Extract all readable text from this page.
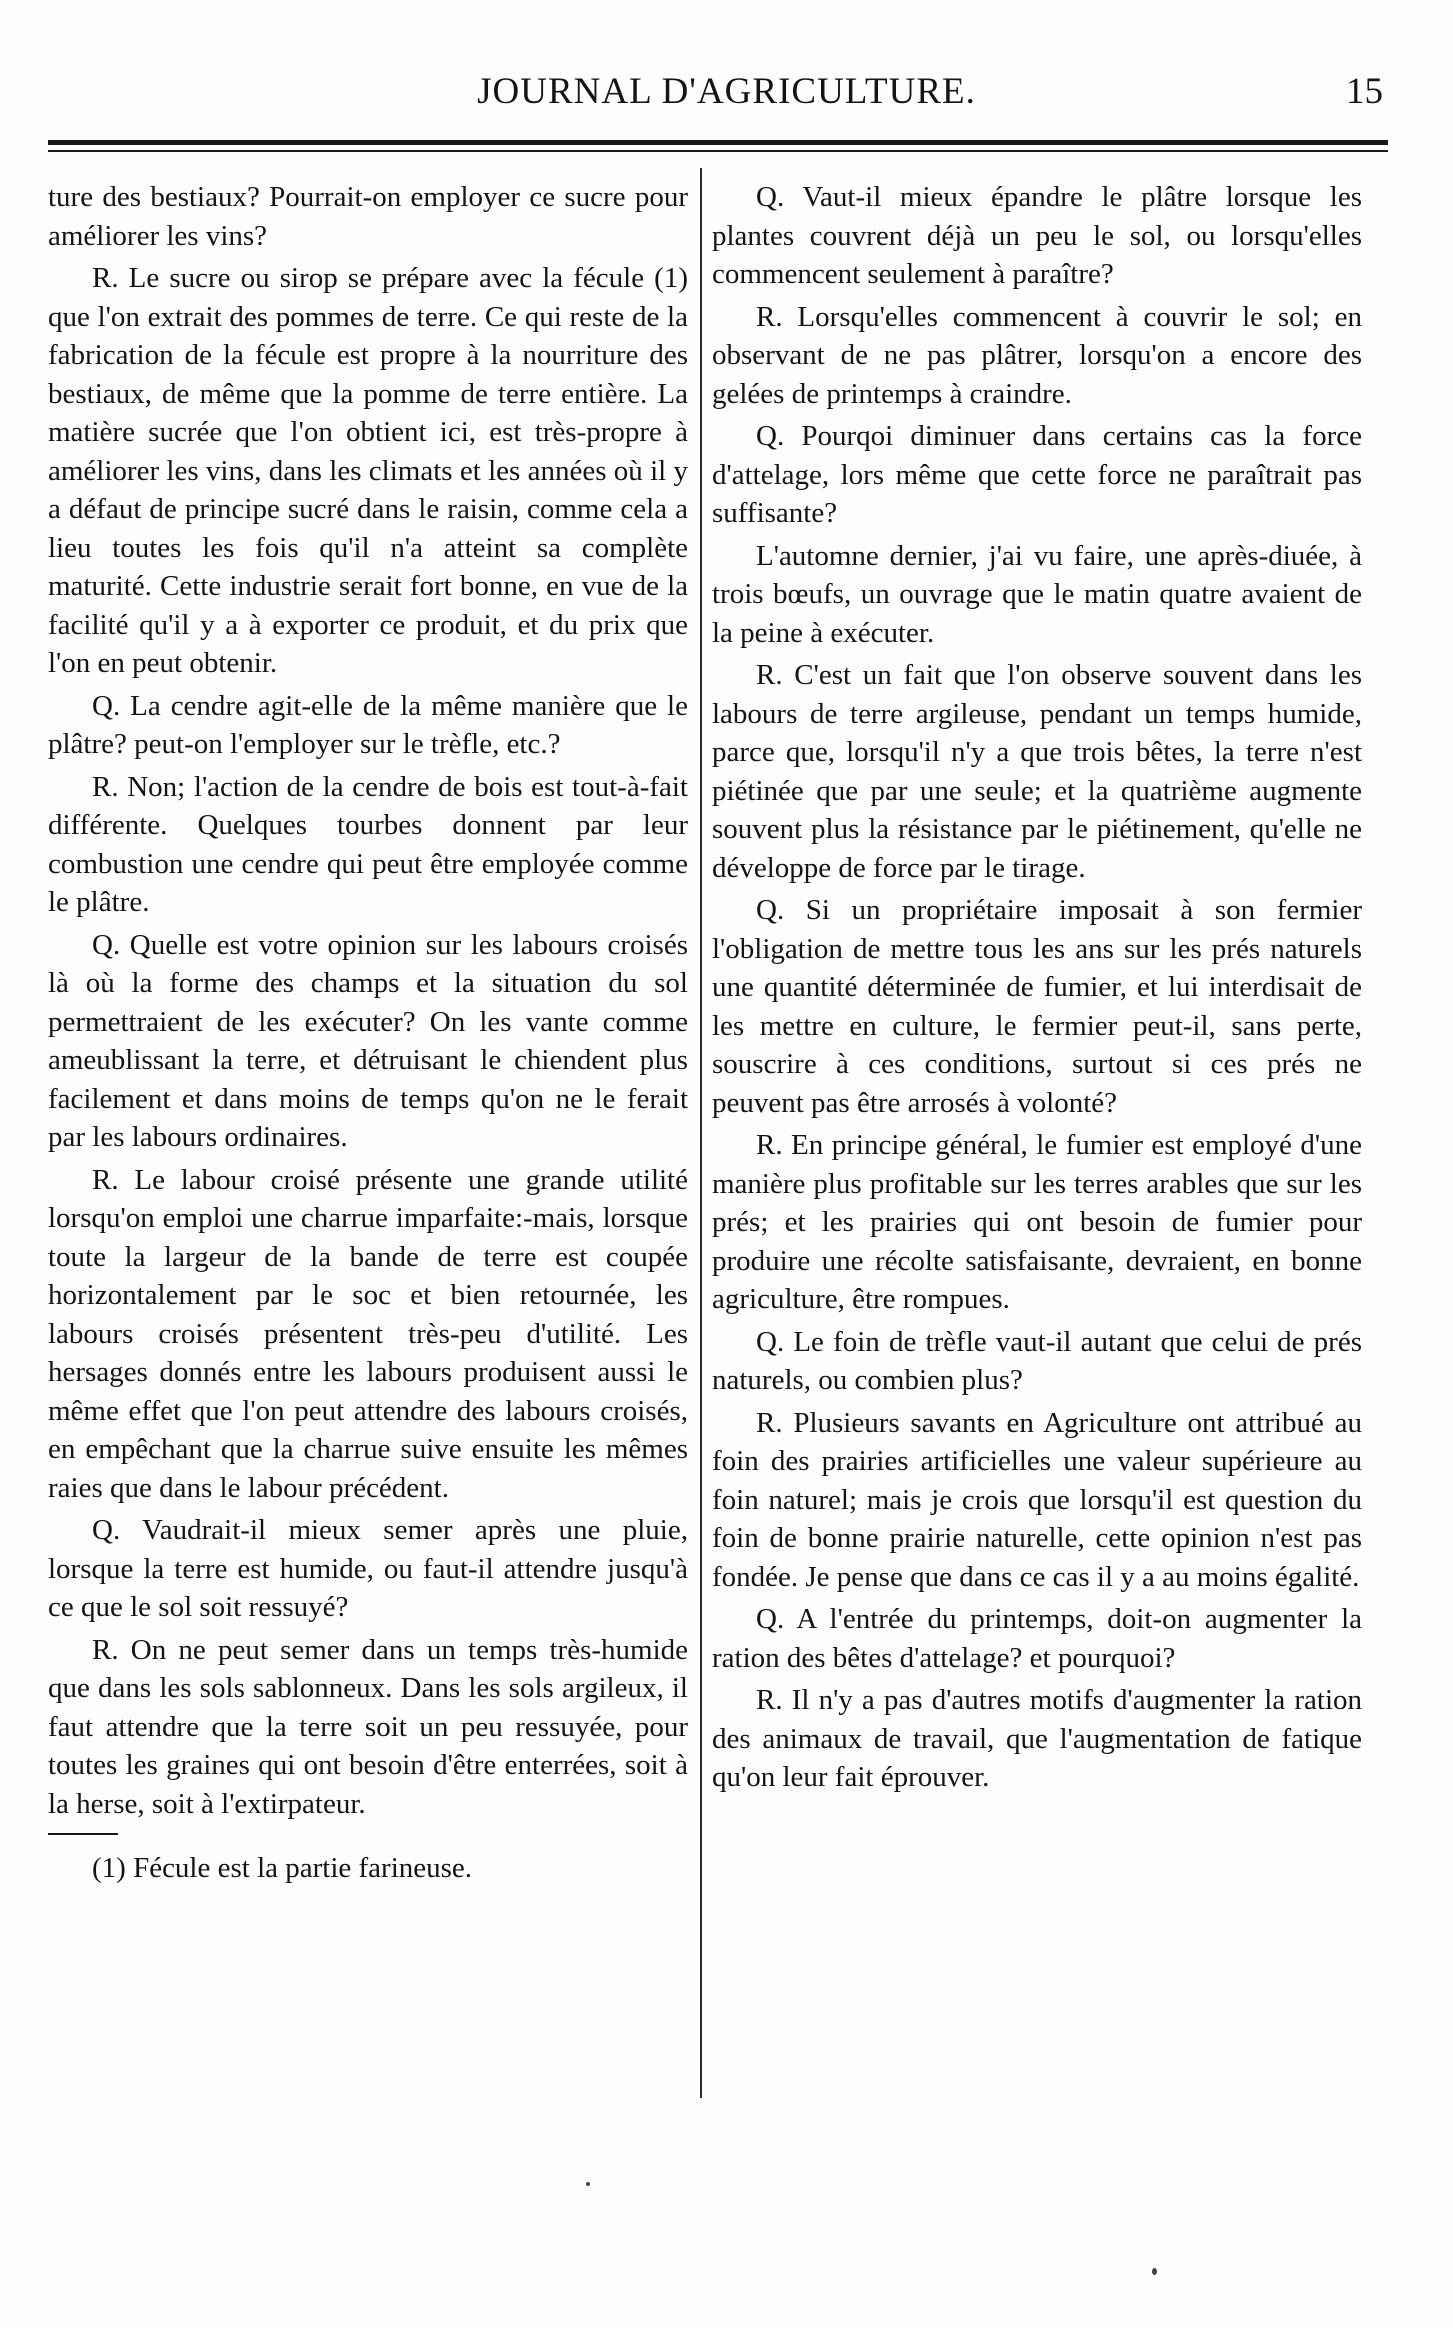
JOURNAL D'AGRICULTURE.	15

ture des bestiaux? Pourrait-on employer ce sucre pour améliorer les vins?

R. Le sucre ou sirop se prépare avec la fécule (1) que l'on extrait des pommes de terre. Ce qui reste de la fabrication de la fécule est propre à la nourriture des bestiaux, de même que la pomme de terre entière. La matière sucrée que l'on obtient ici, est très-propre à améliorer les vins, dans les climats et les années où il y a défaut de principe sucré dans le raisin, comme cela a lieu toutes les fois qu'il n'a atteint sa complète maturité. Cette industrie serait fort bonne, en vue de la facilité qu'il y a à exporter ce produit, et du prix que l'on en peut obtenir.

Q. La cendre agit-elle de la même manière que le plâtre? peut-on l'employer sur le trèfle, etc.?

R. Non; l'action de la cendre de bois est tout-à-fait différente. Quelques tourbes donnent par leur combustion une cendre qui peut être employée comme le plâtre.

Q. Quelle est votre opinion sur les labours croisés là où la forme des champs et la situation du sol permettraient de les exécuter? On les vante comme ameublissant la terre, et détruisant le chiendent plus facilement et dans moins de temps qu'on ne le ferait par les labours ordinaires.

R. Le labour croisé présente une grande utilité lorsqu'on emploi une charrue imparfaite:-mais, lorsque toute la largeur de la bande de terre est coupée horizontalement par le soc et bien retournée, les labours croisés présentent très-peu d'utilité. Les hersages donnés entre les labours produisent aussi le même effet que l'on peut attendre des labours croisés, en empêchant que la charrue suive ensuite les mêmes raies que dans le labour précédent.

Q. Vaudrait-il mieux semer après une pluie, lorsque la terre est humide, ou faut-il attendre jusqu'à ce que le sol soit ressuyé?

R. On ne peut semer dans un temps très-humide que dans les sols sablonneux. Dans les sols argileux, il faut attendre que la terre soit un peu ressuyée, pour toutes les graines qui ont besoin d'être enterrées, soit à la herse, soit à l'extirpateur.

(1) Fécule est la partie farineuse.

Q. Vaut-il mieux épandre le plâtre lorsque les plantes couvrent déjà un peu le sol, ou lorsqu'elles commencent seulement à paraître?

R. Lorsqu'elles commencent à couvrir le sol; en observant de ne pas plâtrer, lorsqu'on a encore des gelées de printemps à craindre.

Q. Pourqoi diminuer dans certains cas la force d'attelage, lors même que cette force ne paraîtrait pas suffisante?

L'automne dernier, j'ai vu faire, une après-diuée, à trois bœufs, un ouvrage que le matin quatre avaient de la peine à exécuter.

R. C'est un fait que l'on observe souvent dans les labours de terre argileuse, pendant un temps humide, parce que, lorsqu'il n'y a que trois bêtes, la terre n'est piétinée que par une seule; et la quatrième augmente souvent plus la résistance par le piétinement, qu'elle ne développe de force par le tirage.

Q. Si un propriétaire imposait à son fermier l'obligation de mettre tous les ans sur les prés naturels une quantité déterminée de fumier, et lui interdisait de les mettre en culture, le fermier peut-il, sans perte, souscrire à ces conditions, surtout si ces prés ne peuvent pas être arrosés à volonté?

R. En principe général, le fumier est employé d'une manière plus profitable sur les terres arables que sur les prés; et les prairies qui ont besoin de fumier pour produire une récolte satisfaisante, devraient, en bonne agriculture, être rompues.

Q. Le foin de trèfle vaut-il autant que celui de prés naturels, ou combien plus?

R. Plusieurs savants en Agriculture ont attribué au foin des prairies artificielles une valeur supérieure au foin naturel; mais je crois que lorsqu'il est question du foin de bonne prairie naturelle, cette opinion n'est pas fondée. Je pense que dans ce cas il y a au moins égalité.

Q. A l'entrée du printemps, doit-on augmenter la ration des bêtes d'attelage? et pourquoi?

R. Il n'y a pas d'autres motifs d'augmenter la ration des animaux de travail, que l'augmentation de fatique qu'on leur fait éprouver.
